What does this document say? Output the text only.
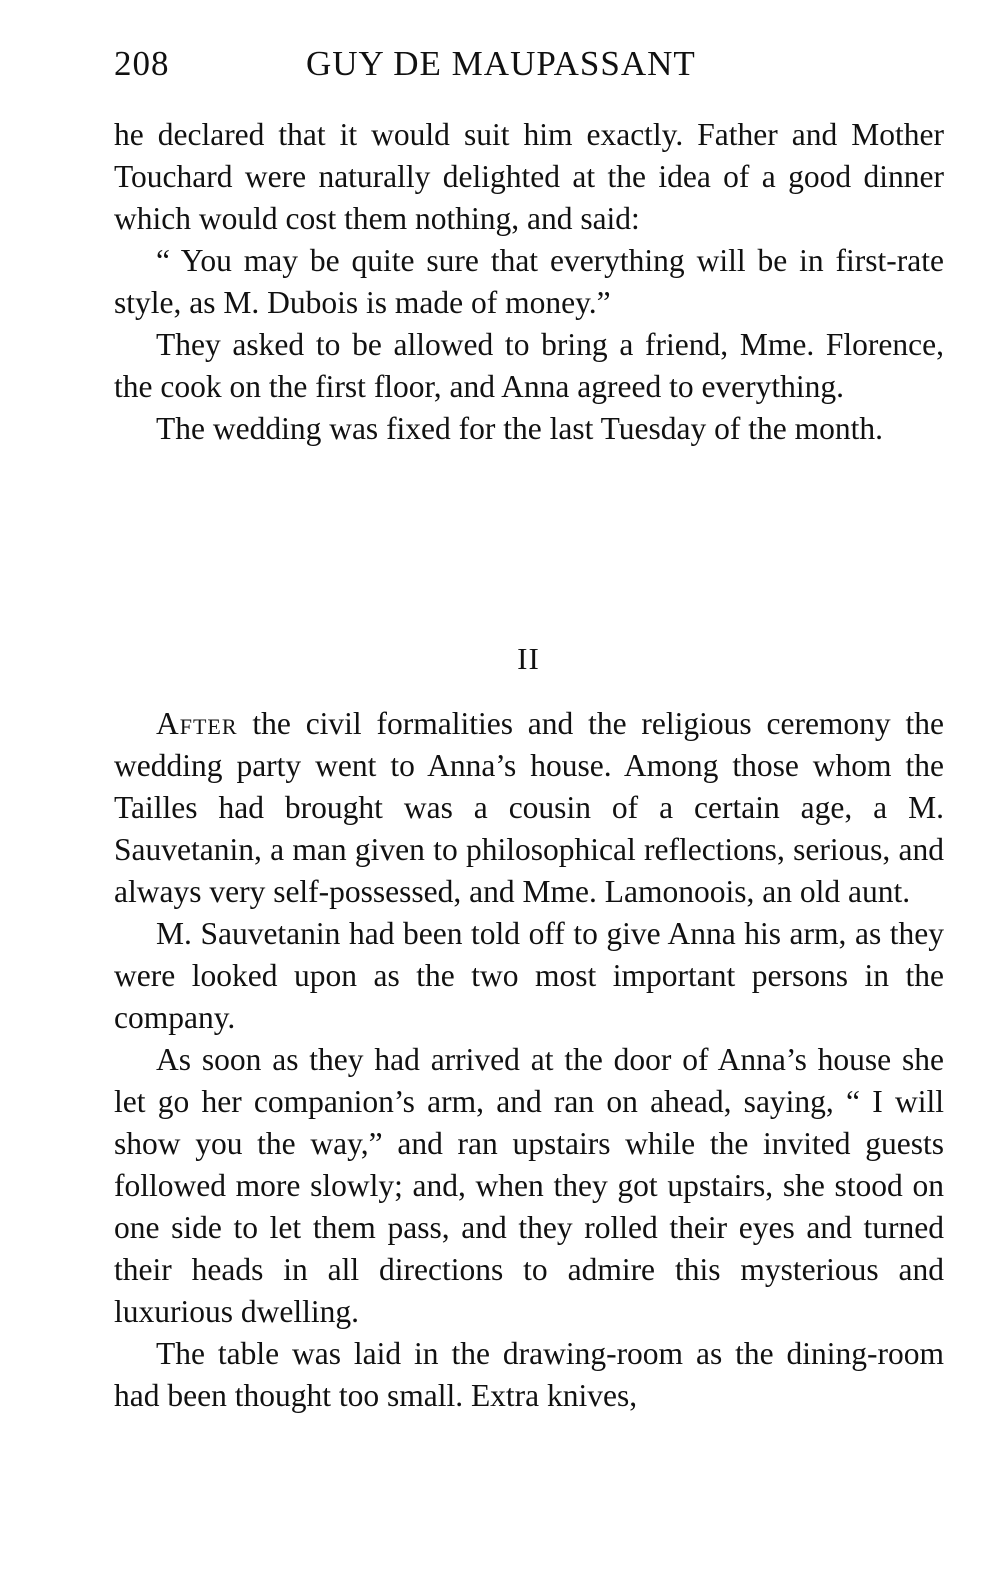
208	GUY DE MAUPASSANT

he declared that it would suit him exactly. Father and Mother Touchard were naturally delighted at the idea of a good dinner which would cost them nothing, and said:

“ You may be quite sure that everything will be in first-rate style, as M. Dubois is made of money.”

They asked to be allowed to bring a friend, Mme. Florence, the cook on the first floor, and Anna agreed to everything.

The wedding was fixed for the last Tuesday of the month.

II

After the civil formalities and the religious ceremony the wedding party went to Anna’s house. Among those whom the Tailles had brought was a cousin of a certain age, a M. Sauvetanin, a man given to philosophical reflections, serious, and always very self-possessed, and Mme. Lamonoois, an old aunt.

M. Sauvetanin had been told off to give Anna his arm, as they were looked upon as the two most important persons in the company.

As soon as they had arrived at the door of Anna’s house she let go her companion’s arm, and ran on ahead, saying, “ I will show you the way,” and ran upstairs while the invited guests followed more slowly; and, when they got upstairs, she stood on one side to let them pass, and they rolled their eyes and turned their heads in all directions to admire this mysterious and luxurious dwelling.

The table was laid in the drawing-room as the dining-room had been thought too small. Extra knives,
